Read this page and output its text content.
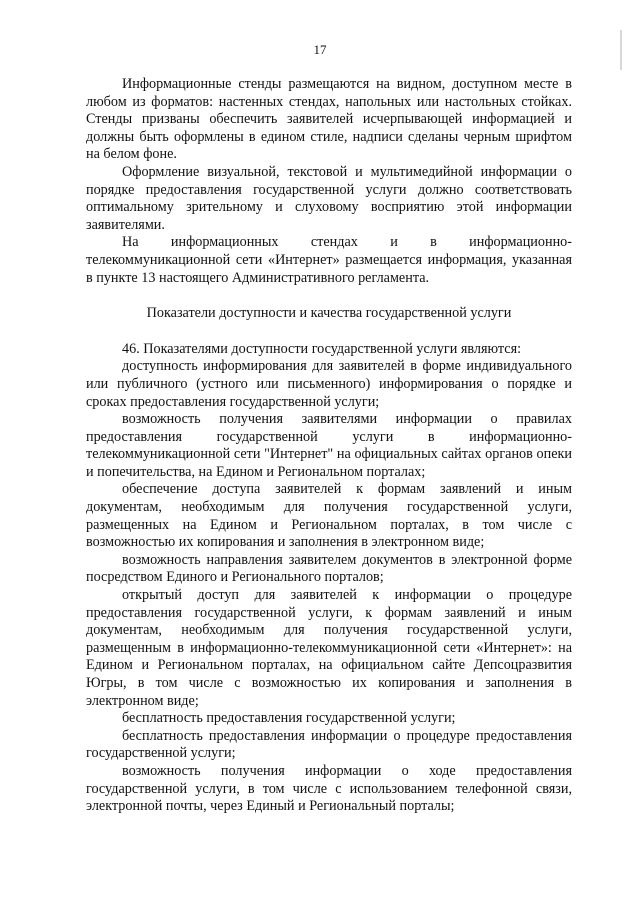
17

Информационные стенды размещаются на видном, доступном месте в любом из форматов: настенных стендах, напольных или настольных стойках. Стенды призваны обеспечить заявителей исчерпывающей информацией и должны быть оформлены в едином стиле, надписи сделаны черным шрифтом на белом фоне.

Оформление визуальной, текстовой и мультимедийной информации о порядке предоставления государственной услуги должно соответствовать оптимальному зрительному и слуховому восприятию этой информации заявителями.

На информационных стендах и в информационно-телекоммуникационной сети «Интернет» размещается информация, указанная в пункте 13 настоящего Административного регламента.

Показатели доступности и качества государственной услуги

46. Показателями доступности государственной услуги являются:

доступность информирования для заявителей в форме индивидуального или публичного (устного или письменного) информирования о порядке и сроках предоставления государственной услуги;

возможность получения заявителями информации о правилах предоставления государственной услуги в информационно-телекоммуникационной сети "Интернет" на официальных сайтах органов опеки и попечительства, на Едином и Региональном порталах;

обеспечение доступа заявителей к формам заявлений и иным документам, необходимым для получения государственной услуги, размещенных на Едином и Региональном порталах, в том числе с возможностью их копирования и заполнения в электронном виде;

возможность направления заявителем документов в электронной форме посредством Единого и Регионального порталов;

открытый доступ для заявителей к информации о процедуре предоставления государственной услуги, к формам заявлений и иным документам, необходимым для получения государственной услуги, размещенным в информационно-телекоммуникационной сети «Интернет»: на Едином и Региональном порталах, на официальном сайте Депсоцразвития Югры, в том числе с возможностью их копирования и заполнения в электронном виде;

бесплатность предоставления государственной услуги;

бесплатность предоставления информации о процедуре предоставления государственной услуги;

возможность получения информации о ходе предоставления государственной услуги, в том числе с использованием телефонной связи, электронной почты, через Единый и Региональный порталы;
